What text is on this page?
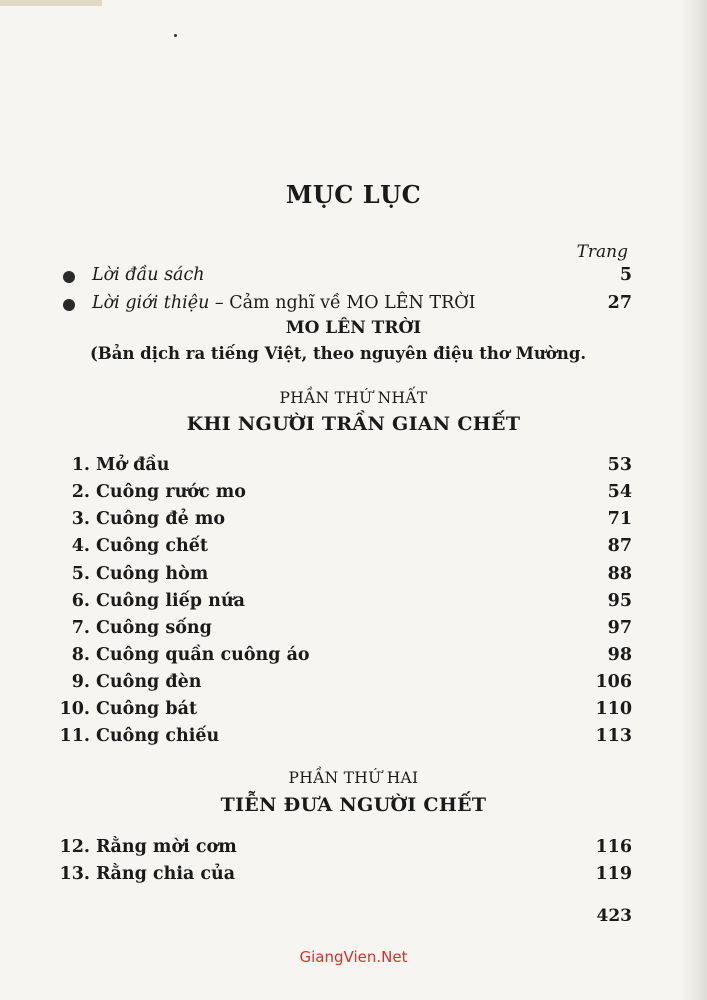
MỤC LỤC
Trang
Lời đầu sách	5
Lời giới thiệu – Cảm nghĩ về MO LÊN TRỜI	27
MO LÊN TRỜI
(Bản dịch ra tiếng Việt, theo nguyên điệu thơ Mường.
PHẦN THỨ NHẤT
KHI NGƯỜI TRẦN GIAN CHẾT
1. Mở đầu	53
2. Cuông rước mo	54
3. Cuông đẻ mo	71
4. Cuông chết	87
5. Cuông hòm	88
6. Cuông liếp nứa	95
7. Cuông sống	97
8. Cuông quần cuông áo	98
9. Cuông đèn	106
10. Cuông bát	110
11. Cuông chiếu	113
PHẦN THỨ HAI
TIỄN ĐƯA NGƯỜI CHẾT
12. Rằng mời cơm	116
13. Rằng chia của	119
423
GiangVien.Net
